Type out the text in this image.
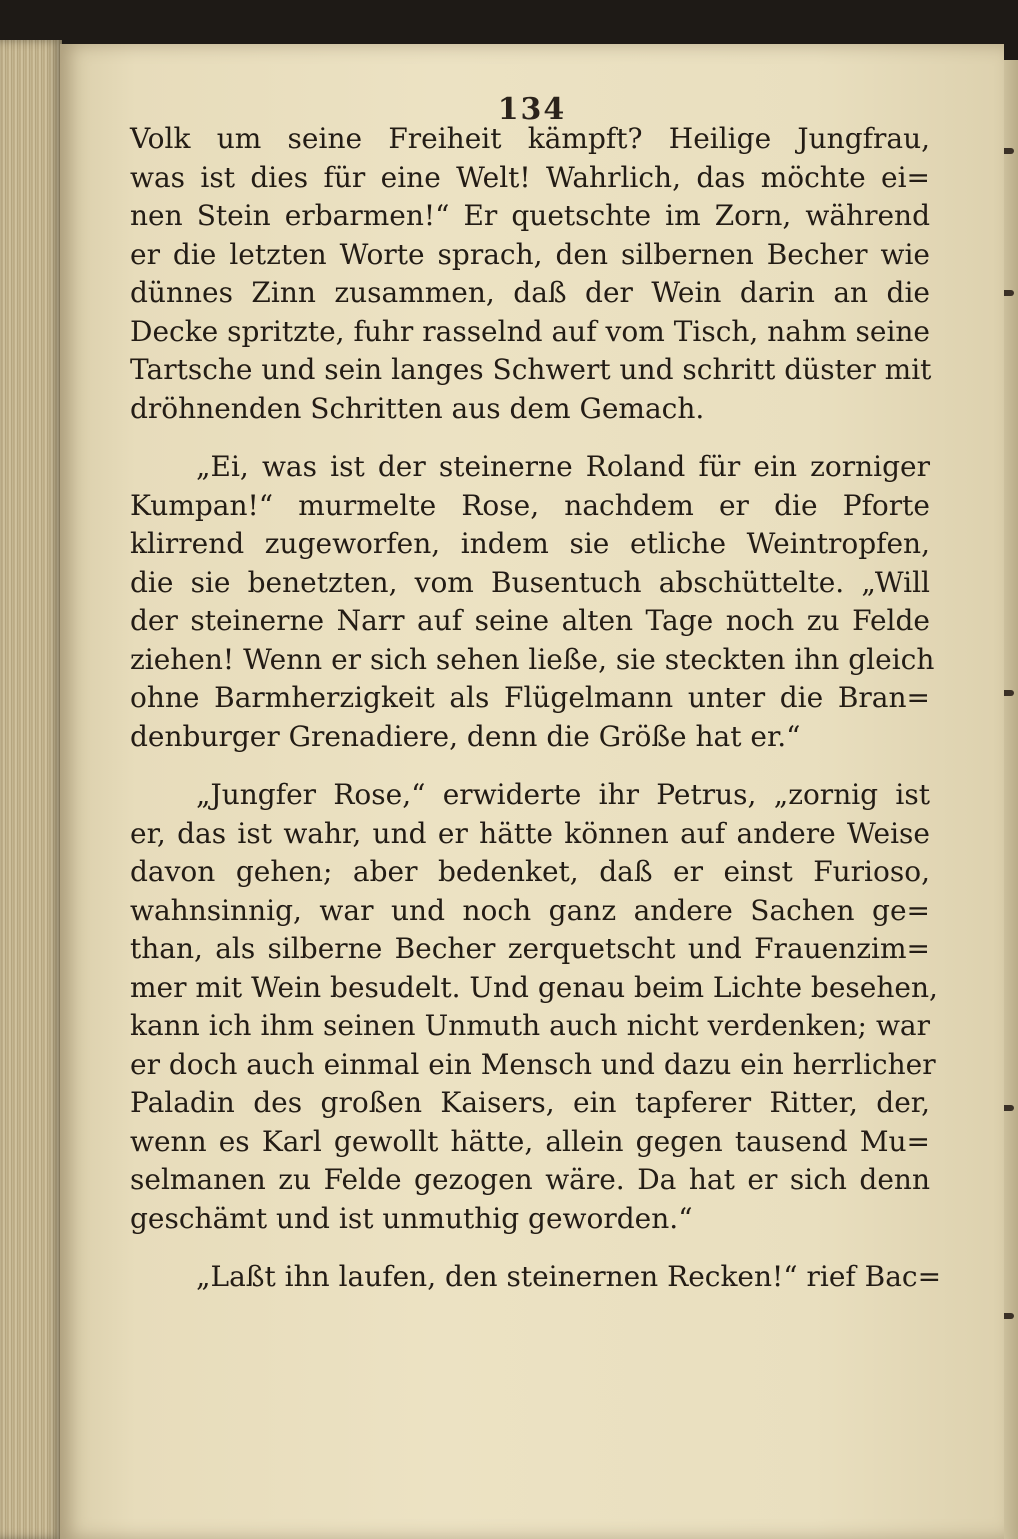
134
Volk um seine Freiheit kämpft? Heilige Jungfrau,
was ist dies für eine Welt! Wahrlich, das möchte ei=
nen Stein erbarmen!“ Er quetschte im Zorn, während
er die letzten Worte sprach, den silbernen Becher wie
dünnes Zinn zusammen, daß der Wein darin an die
Decke spritzte, fuhr rasselnd auf vom Tisch, nahm seine
Tartsche und sein langes Schwert und schritt düster mit
dröhnenden Schritten aus dem Gemach.
„Ei, was ist der steinerne Roland für ein zorniger
Kumpan!“ murmelte Rose, nachdem er die Pforte
klirrend zugeworfen, indem sie etliche Weintropfen,
die sie benetzten, vom Busentuch abschüttelte. „Will
der steinerne Narr auf seine alten Tage noch zu Felde
ziehen! Wenn er sich sehen ließe, sie steckten ihn gleich
ohne Barmherzigkeit als Flügelmann unter die Bran=
denburger Grenadiere, denn die Größe hat er.“
„Jungfer Rose,“ erwiderte ihr Petrus, „zornig ist
er, das ist wahr, und er hätte können auf andere Weise
davon gehen; aber bedenket, daß er einst Furioso,
wahnsinnig, war und noch ganz andere Sachen ge=
than, als silberne Becher zerquetscht und Frauenzim=
mer mit Wein besudelt. Und genau beim Lichte besehen,
kann ich ihm seinen Unmuth auch nicht verdenken; war
er doch auch einmal ein Mensch und dazu ein herrlicher
Paladin des großen Kaisers, ein tapferer Ritter, der,
wenn es Karl gewollt hätte, allein gegen tausend Mu=
selmanen zu Felde gezogen wäre. Da hat er sich denn
geschämt und ist unmuthig geworden.“
„Laßt ihn laufen, den steinernen Recken!“ rief Bac=
